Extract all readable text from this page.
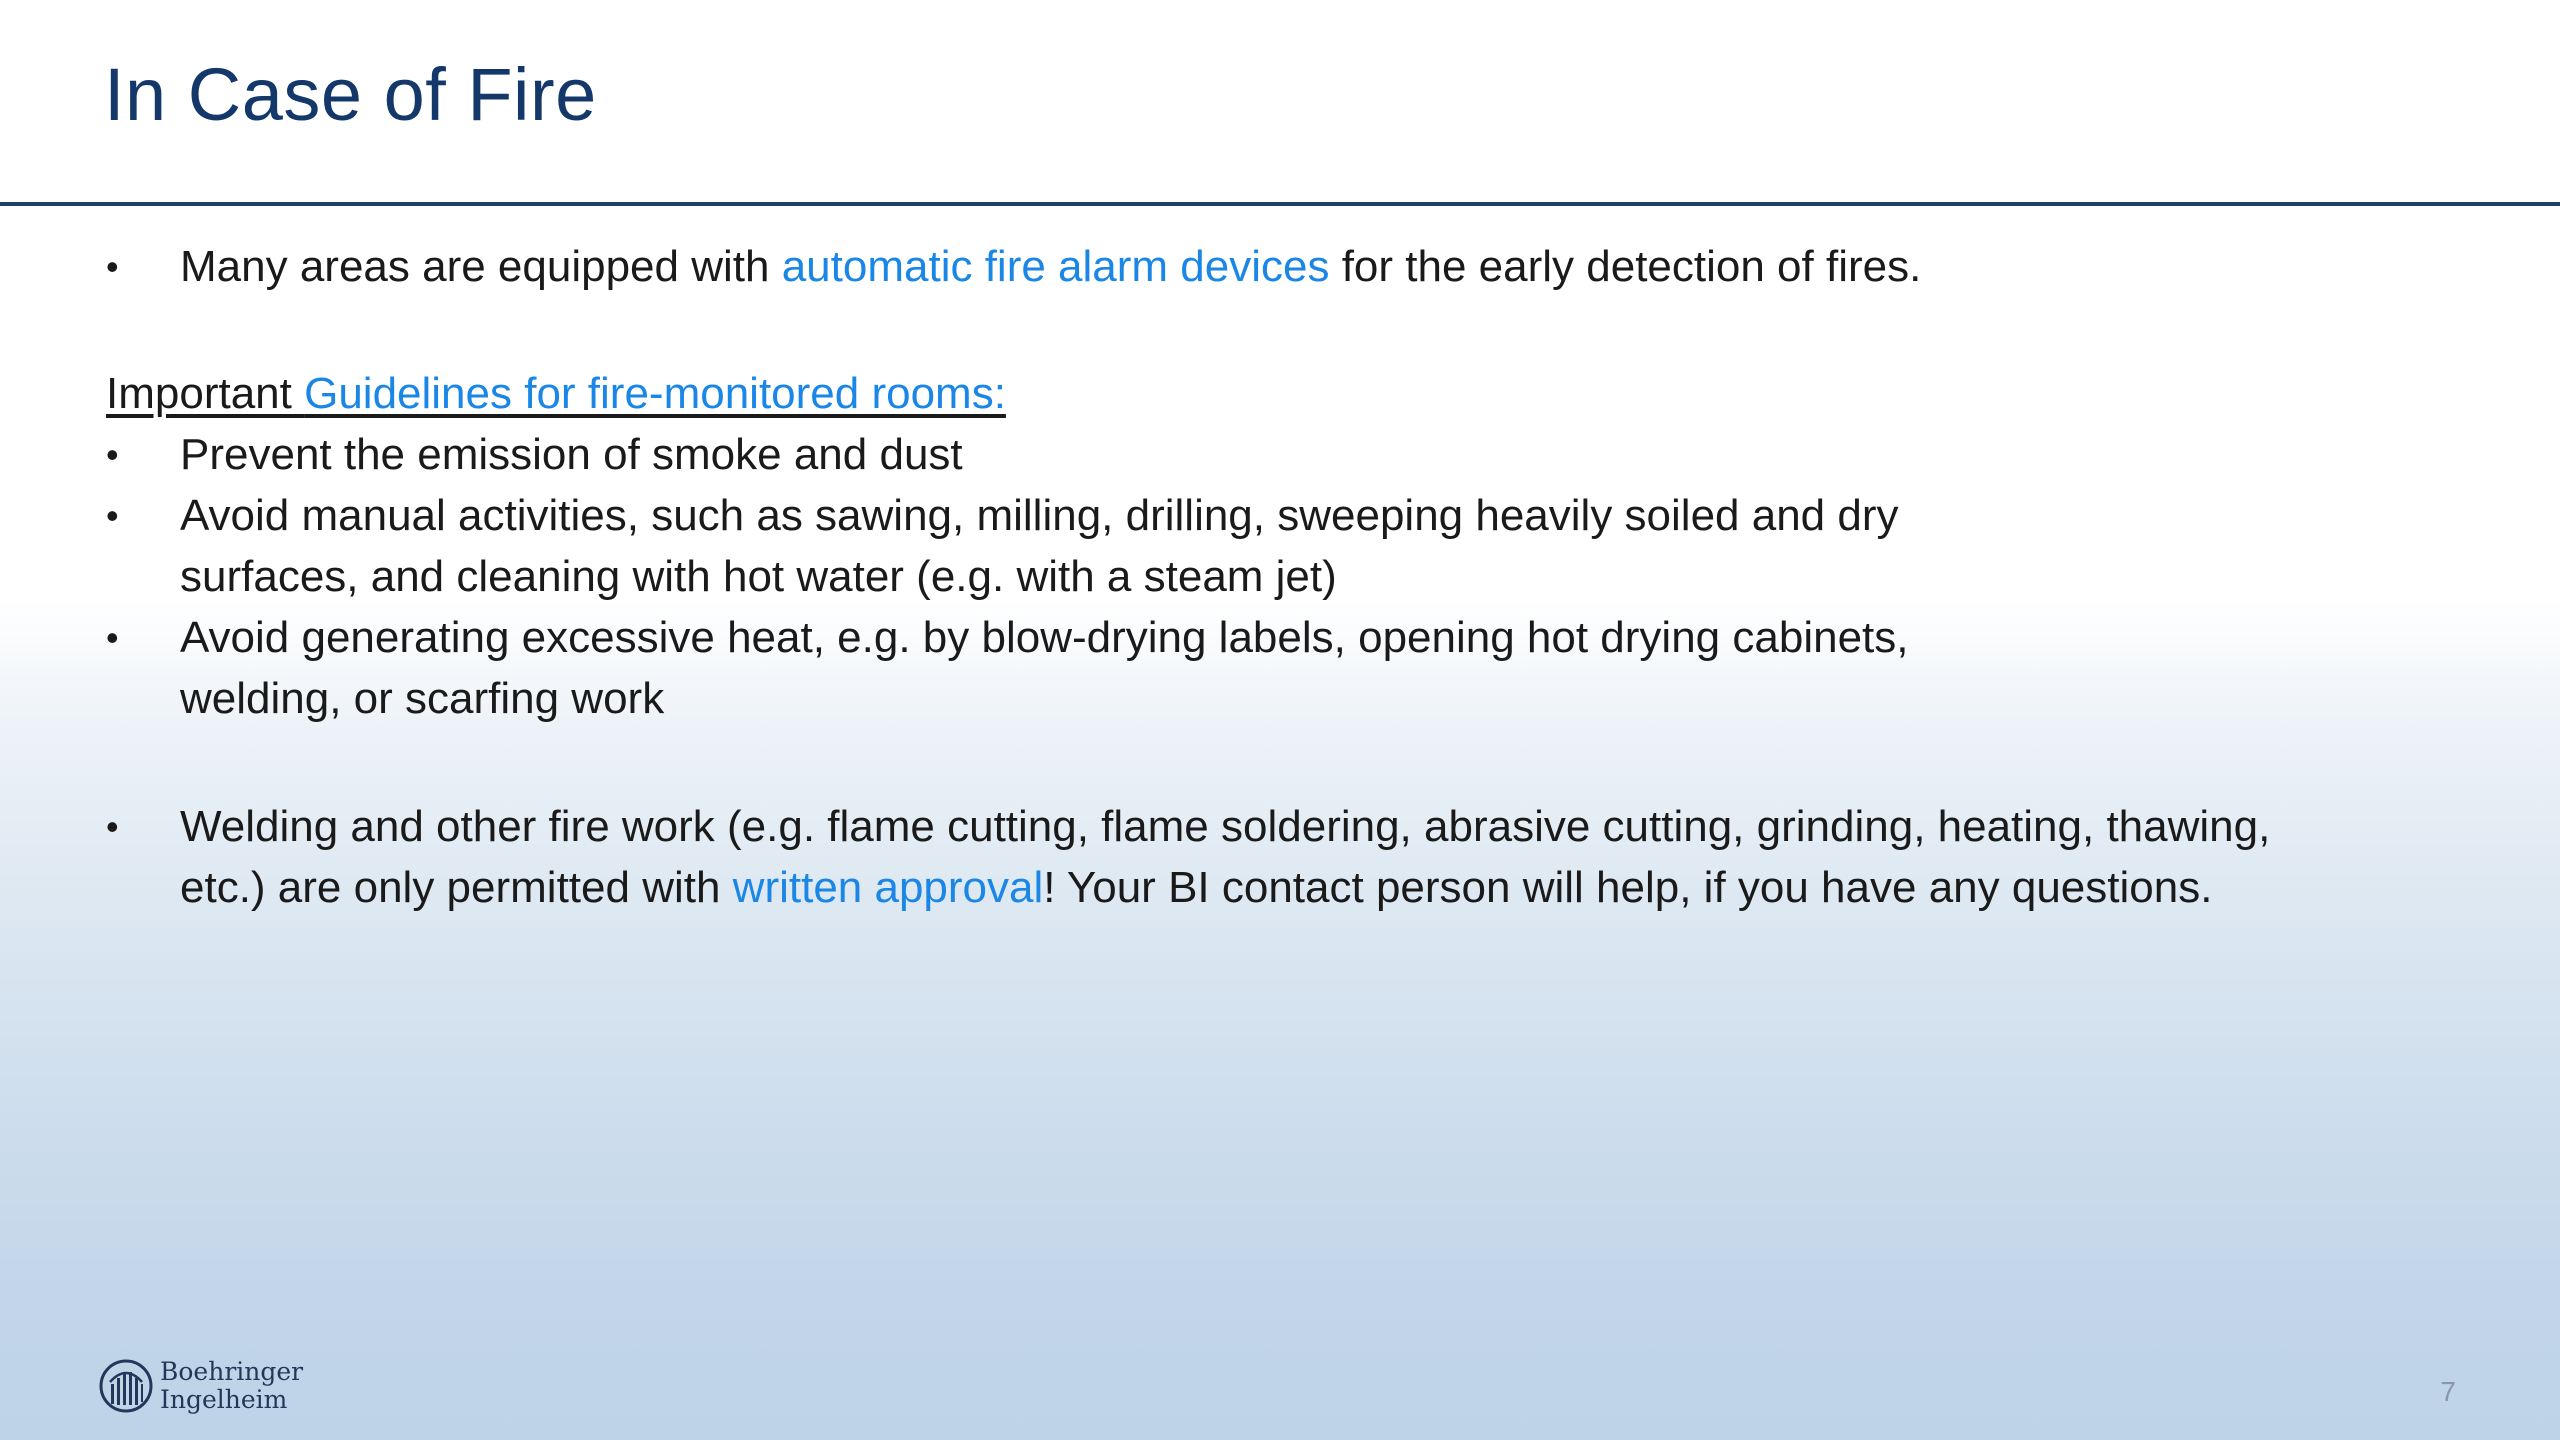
In Case of Fire
•	Many areas are equipped with automatic fire alarm devices for the early detection of fires.
Important Guidelines for fire-monitored rooms:
•	Prevent the emission of smoke and dust
•	Avoid manual activities, such as sawing, milling, drilling, sweeping heavily soiled and dry
surfaces, and cleaning with hot water (e.g. with a steam jet)
•	Avoid generating excessive heat, e.g. by blow-drying labels, opening hot drying cabinets,
welding, or scarfing work
•	Welding and other fire work (e.g. flame cutting, flame soldering, abrasive cutting, grinding, heating, thawing,
etc.) are only permitted with written approval! Your BI contact person will help, if you have any questions.
Boehringer
Ingelheim	7
